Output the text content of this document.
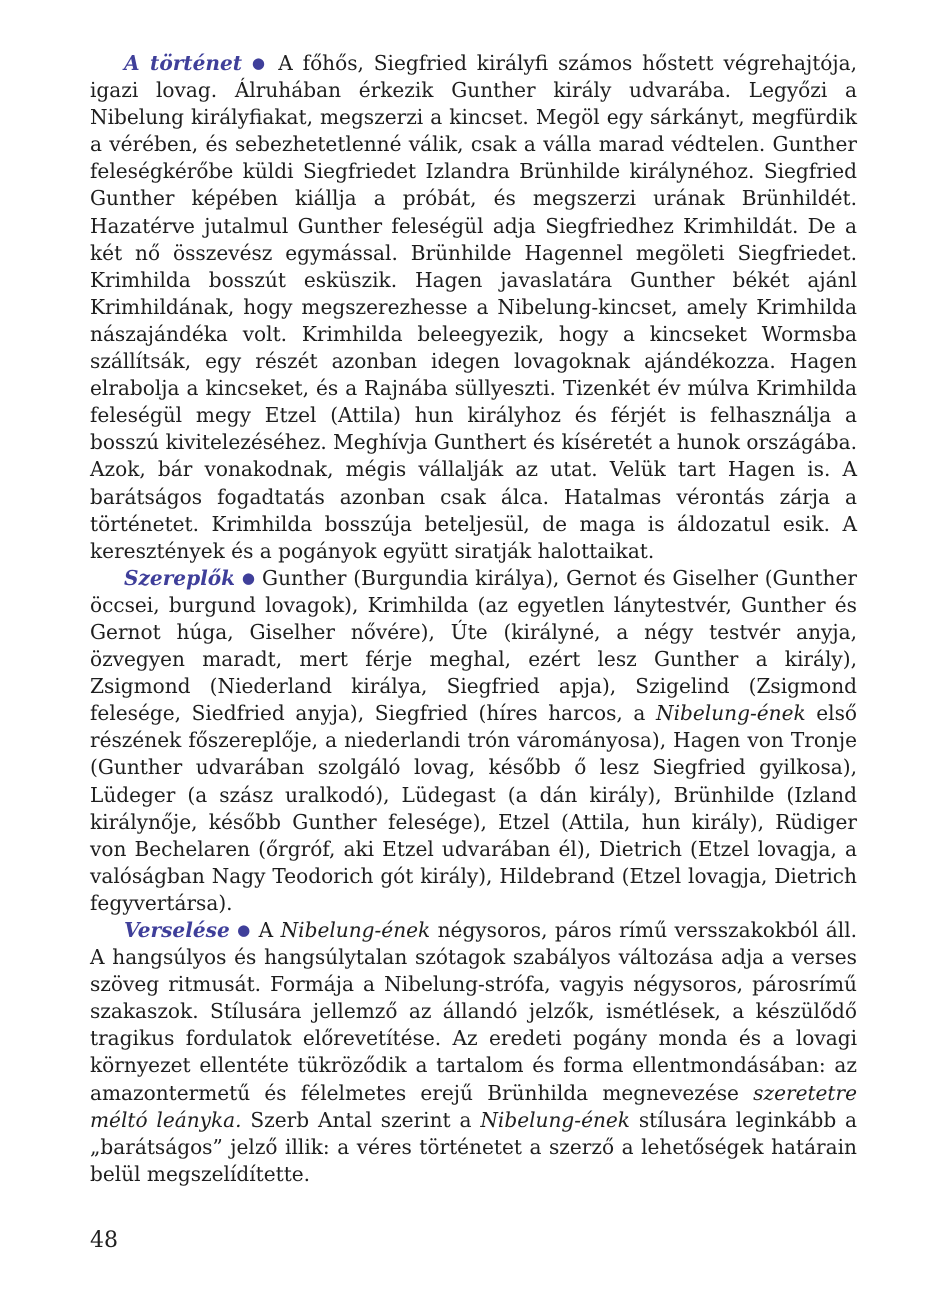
A történet ● A főhős, Siegfried királyfi számos hőstett végrehajtója, igazi lovag. Álruhában érkezik Gunther király udvarába. Legyőzi a Nibelung királyfiakat, megszerzi a kincset. Megöl egy sárkányt, megfürdik a vérében, és sebezhetetlenné válik, csak a válla marad védtelen. Gunther feleségkérőbe küldi Siegfriedet Izlandra Brünhilde királynéhoz. Siegfried Gunther képében kiállja a próbát, és megszerzi urának Brünhildét. Hazatérve jutalmul Gunther feleségül adja Siegfriedhez Krimhildát. De a két nő összevész egymással. Brünhilde Hagennel megöleti Siegfriedet. Krimhilda bosszút esküszik. Hagen javaslatára Gunther békét ajánl Krimhildának, hogy megszerezhesse a Nibelung-kincset, amely Krimhilda nászajándéka volt. Krimhilda beleegyezik, hogy a kincseket Wormsba szállítsák, egy részét azonban idegen lovagoknak ajándékozza. Hagen elrabolja a kincseket, és a Rajnába süllyeszti. Tizenkét év múlva Krimhilda feleségül megy Etzel (Attila) hun királyhoz és férjét is felhasználja a bosszú kivitelezéséhez. Meghívja Gunthert és kíséretét a hunok országába. Azok, bár vonakodnak, mégis vállalják az utat. Velük tart Hagen is. A barátságos fogadtatás azonban csak álca. Hatalmas vérontás zárja a történetet. Krimhilda bosszúja beteljesül, de maga is áldozatul esik. A keresztények és a pogányok együtt siratják halottaikat.

Szereplők ● Gunther (Burgundia királya), Gernot és Giselher (Gunther öccsei, burgund lovagok), Krimhilda (az egyetlen lánytestvér, Gunther és Gernot húga, Giselher nővére), Úte (királyné, a négy testvér anyja, özvegyen maradt, mert férje meghal, ezért lesz Gunther a király), Zsigmond (Niederland királya, Siegfried apja), Szigelind (Zsigmond felesége, Siedfried anyja), Siegfried (híres harcos, a Nibelung-ének első részének főszereplője, a niederlandi trón várományosa), Hagen von Tronje (Gunther udvarában szolgáló lovag, később ő lesz Siegfried gyilkosa), Lüdeger (a szász uralkodó), Lüdegast (a dán király), Brünhilde (Izland királynője, később Gunther felesége), Etzel (Attila, hun király), Rüdiger von Bechelaren (őrgróf, aki Etzel udvarában él), Dietrich (Etzel lovagja, a valóságban Nagy Teodorich gót király), Hildebrand (Etzel lovagja, Dietrich fegyvertársa).

Verselése ● A Nibelung-ének négysoros, páros rímű versszakokból áll. A hangsúlyos és hangsúlytalan szótagok szabályos változása adja a verses szöveg ritmusát. Formája a Nibelung-strófa, vagyis négysoros, párosrímű szakaszok. Stílusára jellemző az állandó jelzők, ismétlések, a készülődő tragikus fordulatok előrevetítése. Az eredeti pogány monda és a lovagi környezet ellentéte tükröződik a tartalom és forma ellentmondásában: az amazontermetű és félelmetes erejű Brünhilda megnevezése szeretetre méltó leányka. Szerb Antal szerint a Nibelung-ének stílusára leginkább a „barátságos” jelző illik: a véres történetet a szerző a lehetőségek határain belül megszelídítette.

48
